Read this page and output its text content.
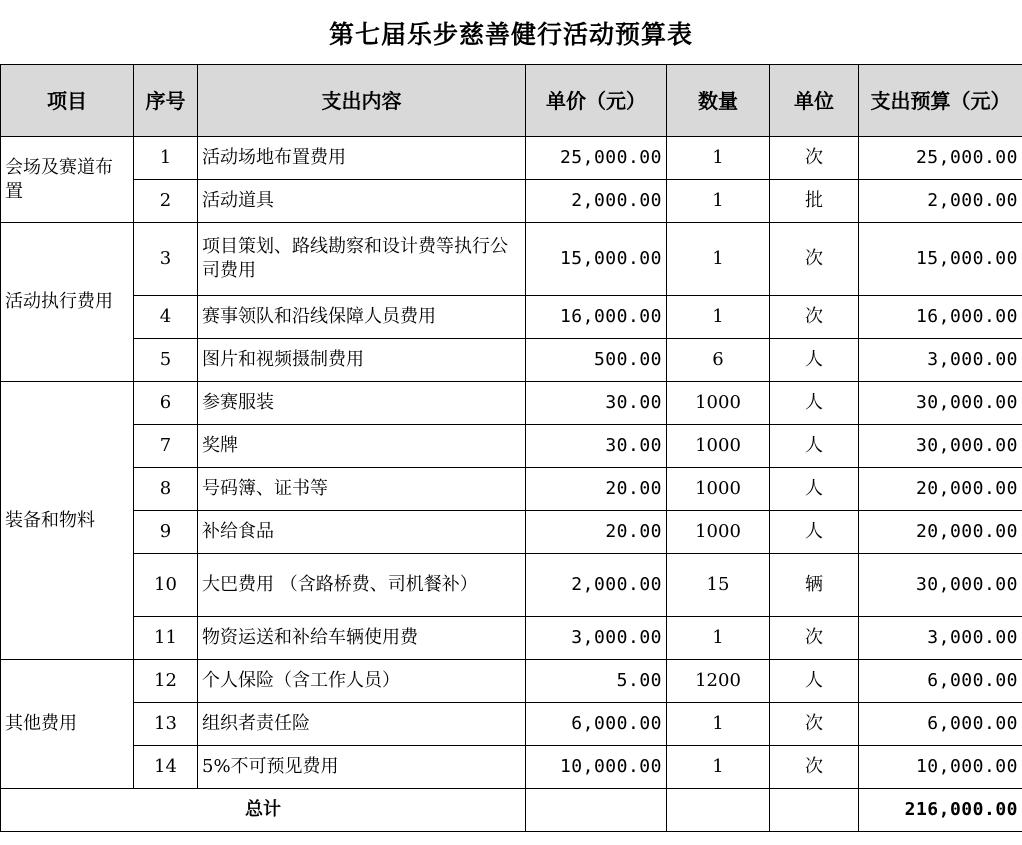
第七届乐步慈善健行活动预算表
项目	序号	支出内容	单价（元）	数量	单位	支出预算（元）
会场及赛道布置	1	活动场地布置费用	25,000.00	1	次	25,000.00
	2	活动道具	2,000.00	1	批	2,000.00
活动执行费用	3	项目策划、路线勘察和设计费等执行公司费用	15,000.00	1	次	15,000.00
	4	赛事领队和沿线保障人员费用	16,000.00	1	次	16,000.00
	5	图片和视频摄制费用	500.00	6	人	3,000.00
装备和物料	6	参赛服装	30.00	1000	人	30,000.00
	7	奖牌	30.00	1000	人	30,000.00
	8	号码簿、证书等	20.00	1000	人	20,000.00
	9	补给食品	20.00	1000	人	20,000.00
	10	大巴费用 （含路桥费、司机餐补）	2,000.00	15	辆	30,000.00
	11	物资运送和补给车辆使用费	3,000.00	1	次	3,000.00
其他费用	12	个人保险（含工作人员）	5.00	1200	人	6,000.00
	13	组织者责任险	6,000.00	1	次	6,000.00
	14	5%不可预见费用	10,000.00	1	次	10,000.00
总计						216,000.00
